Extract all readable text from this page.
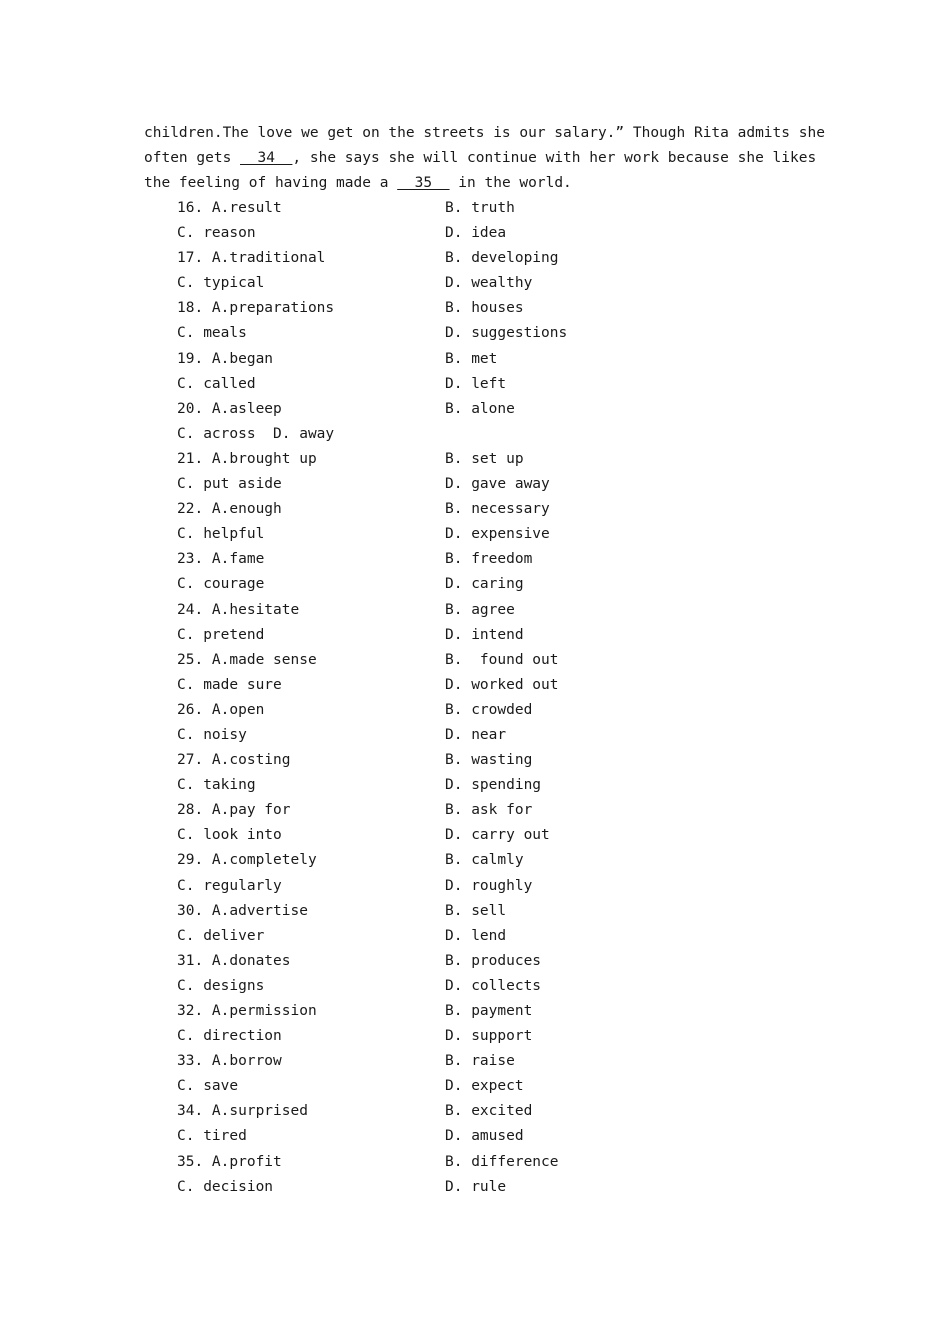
children.The love we get on the streets is our salary.” Though Rita admits she
often gets   34  , she says she will continue with her work because she likes
the feeling of having made a   35   in the world.
16. A.result	B. truth
C. reason	D. idea
17. A.traditional	B. developing
C. typical	D. wealthy
18. A.preparations	B. houses
C. meals	D. suggestions
19. A.began	B. met
C. called	D. left
20. A.asleep	B. alone
C. across  D. away
21. A.brought up	B. set up
C. put aside	D. gave away
22. A.enough	B. necessary
C. helpful	D. expensive
23. A.fame	B. freedom
C. courage	D. caring
24. A.hesitate	B. agree
C. pretend	D. intend
25. A.made sense	B.  found out
C. made sure	D. worked out
26. A.open	B. crowded
C. noisy	D. near
27. A.costing	B. wasting
C. taking	D. spending
28. A.pay for	B. ask for
C. look into	D. carry out
29. A.completely	B. calmly
C. regularly	D. roughly
30. A.advertise	B. sell
C. deliver	D. lend
31. A.donates	B. produces
C. designs	D. collects
32. A.permission	B. payment
C. direction	D. support
33. A.borrow	B. raise
C. save	D. expect
34. A.surprised	B. excited
C. tired	D. amused
35. A.profit	B. difference
C. decision	D. rule
